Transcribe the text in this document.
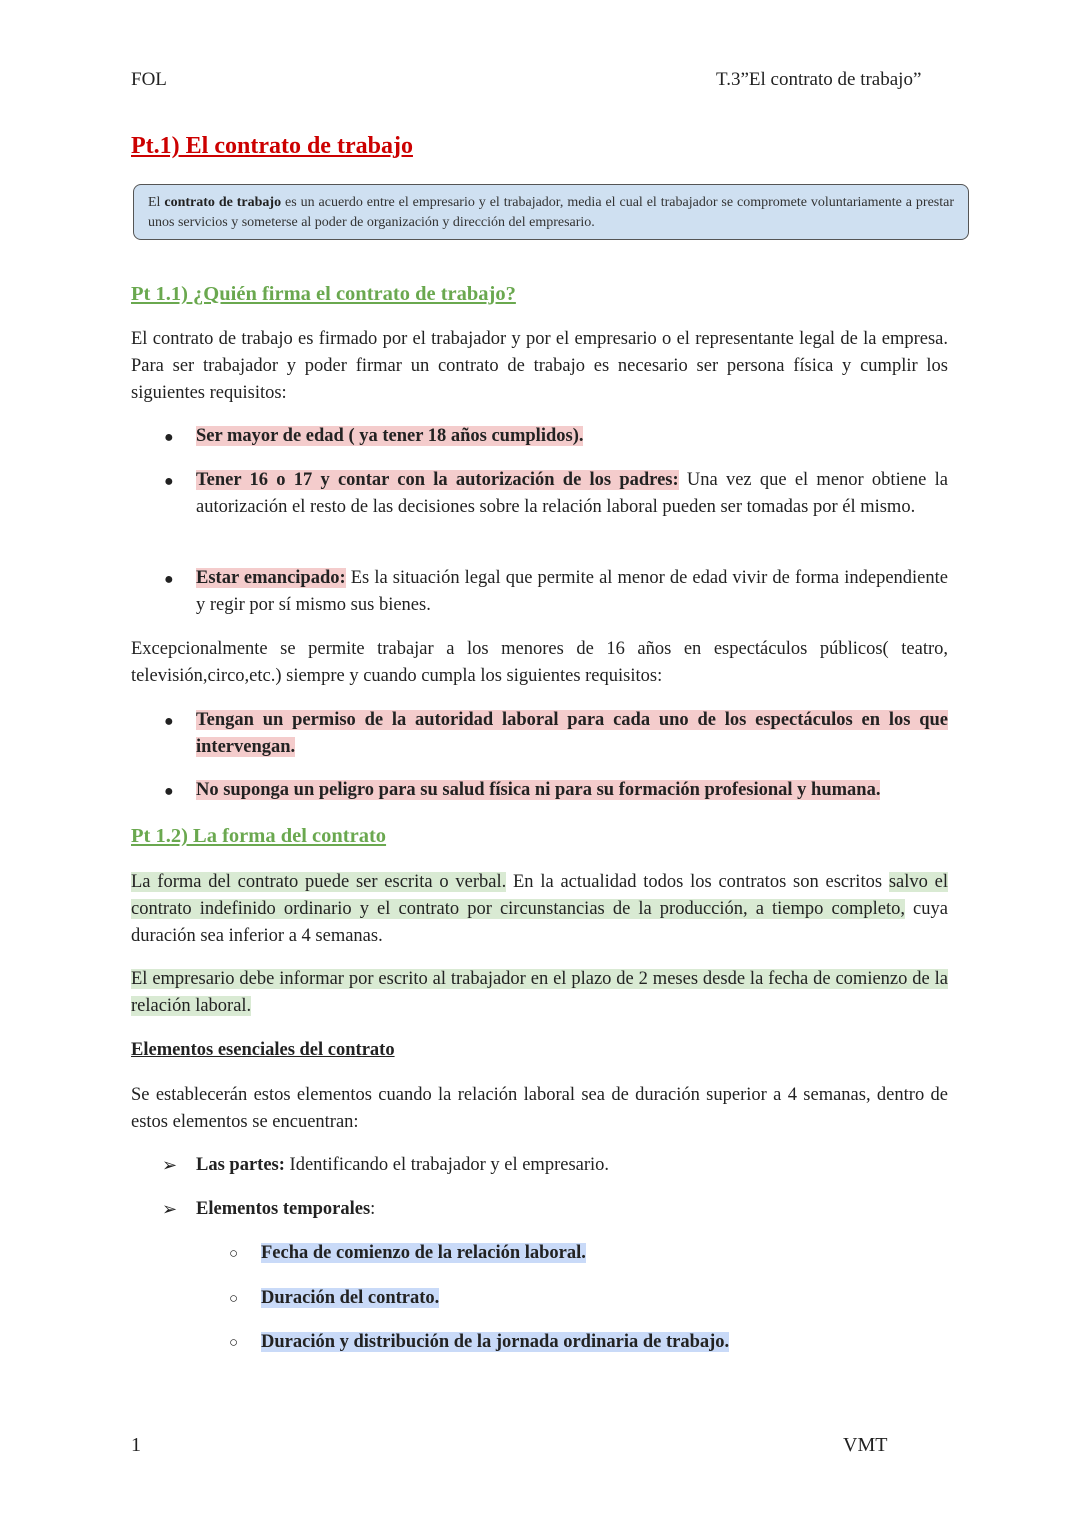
FOL	T.3”El contrato de trabajo”
Pt.1) El contrato de trabajo
El contrato de trabajo es un acuerdo entre el empresario y el trabajador, media el cual el trabajador se compromete voluntariamente a prestar unos servicios y someterse al poder de organización y dirección del empresario.
Pt 1.1) ¿Quién firma el contrato de trabajo?
El contrato de trabajo es firmado por el trabajador y por el empresario o el representante legal de la empresa. Para ser trabajador y poder firmar un contrato de trabajo es necesario ser persona física y cumplir los siguientes requisitos:
● Ser mayor de edad ( ya tener 18 años cumplidos).
● Tener 16 o 17 y contar con la autorización de los padres: Una vez que el menor obtiene la autorización el resto de las decisiones sobre la relación laboral pueden ser tomadas por él mismo.
● Estar emancipado: Es la situación legal que permite al menor de edad vivir de forma independiente y regir por sí mismo sus bienes.
Excepcionalmente se permite trabajar a los menores de 16 años en espectáculos públicos( teatro, televisión,circo,etc.) siempre y cuando cumpla los siguientes requisitos:
● Tengan un permiso de la autoridad laboral para cada uno de los espectáculos en los que intervengan.
● No suponga un peligro para su salud física ni para su formación profesional y humana.
Pt 1.2) La forma del contrato
La forma del contrato puede ser escrita o verbal. En la actualidad todos los contratos son escritos salvo el contrato indefinido ordinario y el contrato por circunstancias de la producción, a tiempo completo, cuya duración sea inferior a 4 semanas.
El empresario debe informar por escrito al trabajador en el plazo de 2 meses desde la fecha de comienzo de la relación laboral.
Elementos esenciales del contrato
Se establecerán estos elementos cuando la relación laboral sea de duración superior a 4 semanas, dentro de estos elementos se encuentran:
➢ Las partes: Identificando el trabajador y el empresario.
➢ Elementos temporales:
○ Fecha de comienzo de la relación laboral.
○ Duración del contrato.
○ Duración y distribución de la jornada ordinaria de trabajo.
1	VMT
